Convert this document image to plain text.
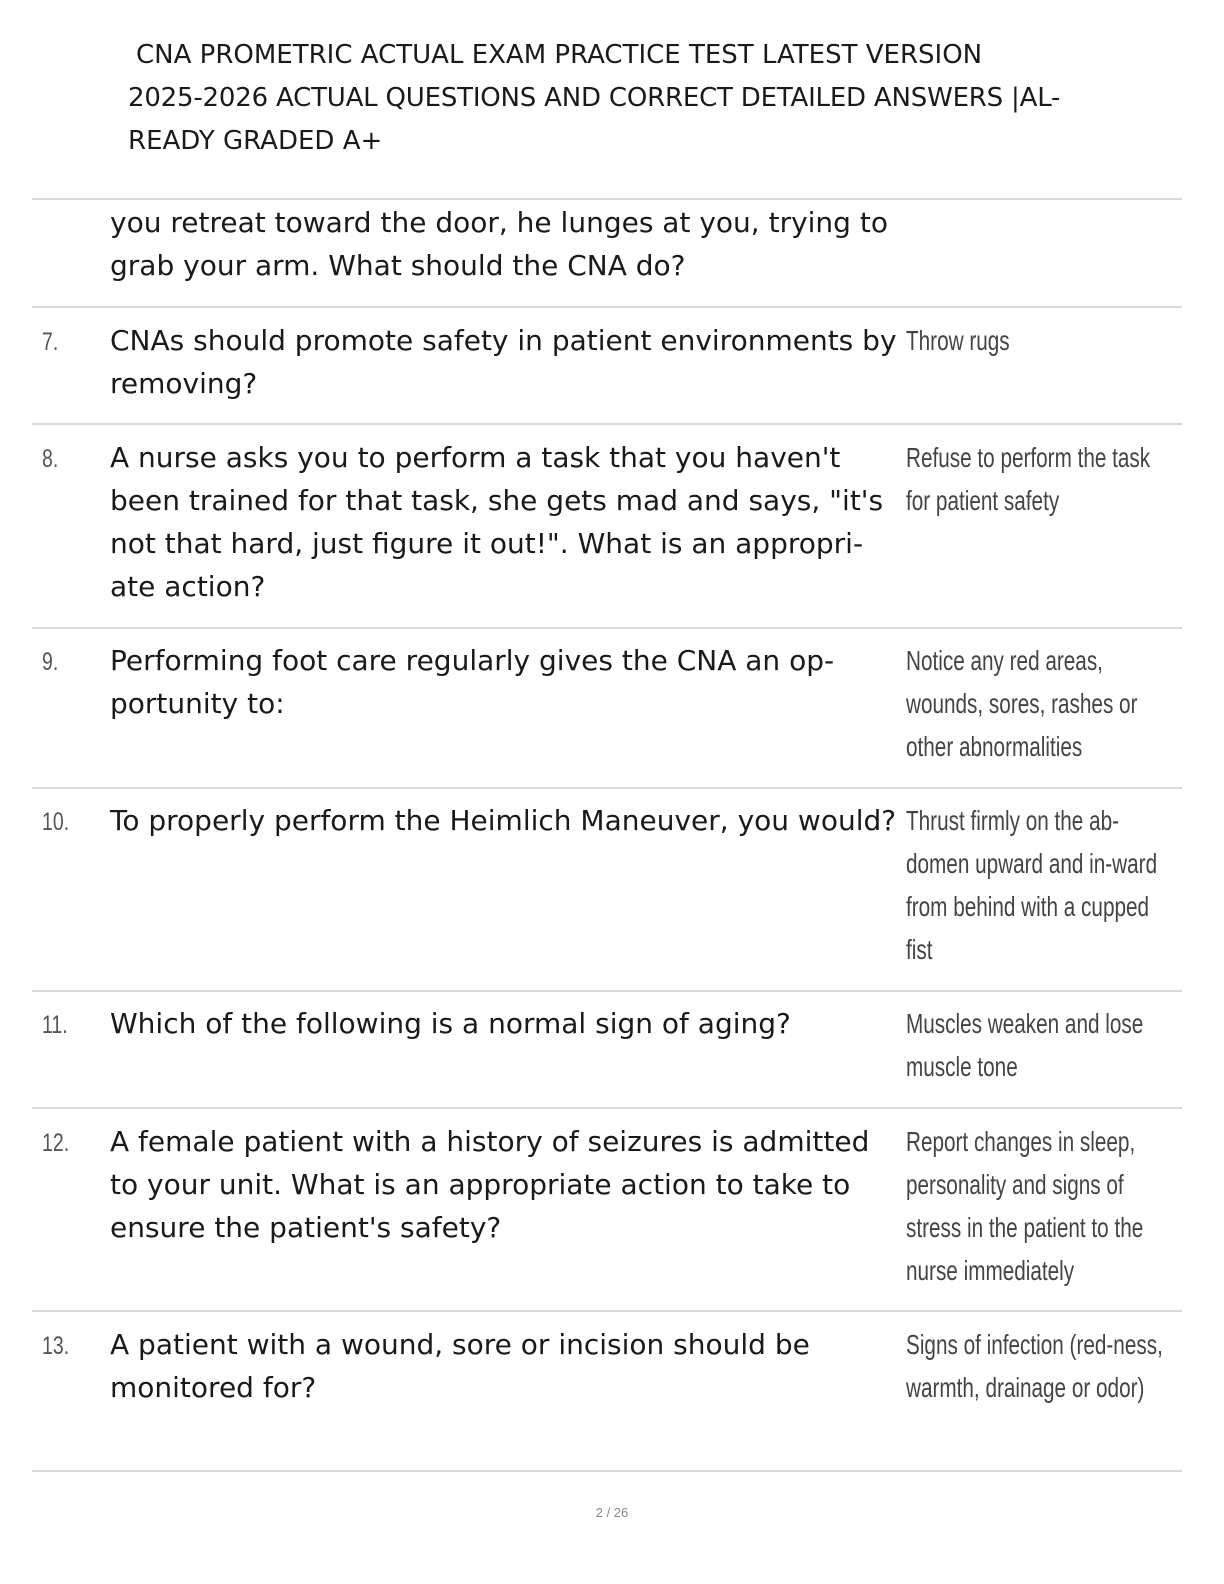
CNA PROMETRIC ACTUAL EXAM PRACTICE TEST LATEST VERSION
2025-2026 ACTUAL QUESTIONS AND CORRECT DETAILED ANSWERS |AL-
READY GRADED A+
you retreat toward the door, he lunges at you, trying to grab your arm. What should the CNA do?
7. CNAs should promote safety in patient environments by removing?
Throw rugs
8. A nurse asks you to perform a task that you haven't been trained for that task, she gets mad and says, "it's not that hard, just figure it out!". What is an appropri-ate action?
Refuse to perform the task for patient safety
9. Performing foot care regularly gives the CNA an op-portunity to:
Notice any red areas, wounds, sores, rashes or other abnormalities
10. To properly perform the Heimlich Maneuver, you would? Thrust firmly on the ab-domen upward and in-ward from behind with a cupped fist
11. Which of the following is a normal sign of aging?	Muscles weaken and lose muscle tone
12. A female patient with a history of seizures is admitted to your unit. What is an appropriate action to take to ensure the patient's safety?
Report changes in sleep, personality and signs of stress in the patient to the nurse immediately
13. A patient with a wound, sore or incision should be monitored for?
Signs of infection (red-ness, warmth, drainage or odor)
2 / 26
